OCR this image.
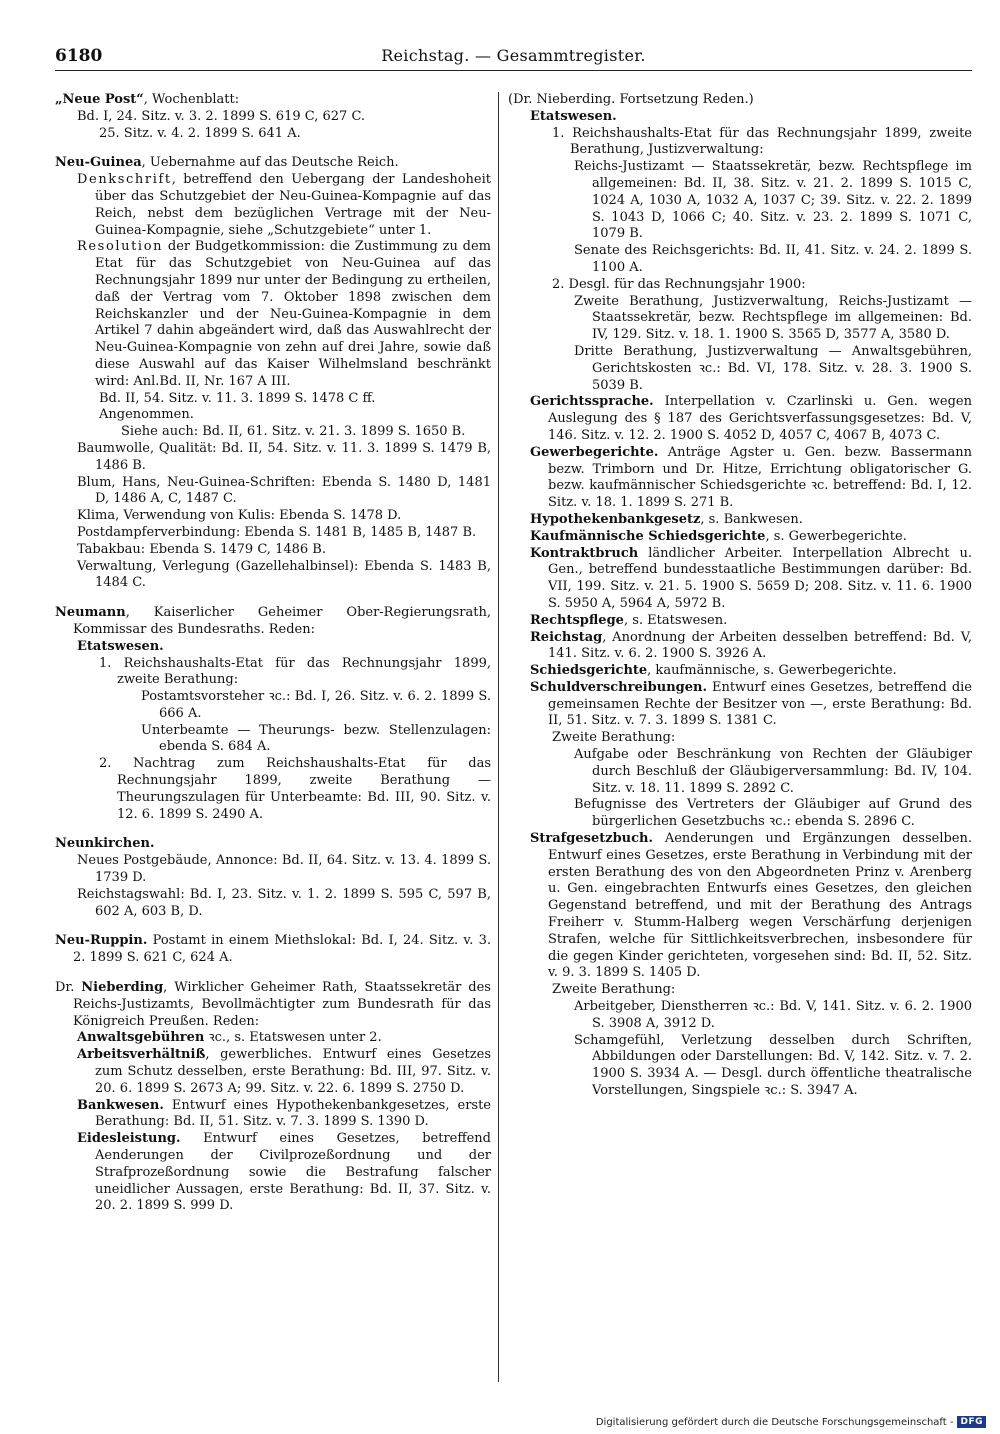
6180	Reichstag. — Gesammtregister.

„Neue Post“, Wochenblatt:

Bd. I, 24. Sitz. v. 3. 2. 1899 S. 619 C, 627 C.

25. Sitz. v. 4. 2. 1899 S. 641 A.

Neu-Guinea, Uebernahme auf das Deutsche Reich.

Denkschrift, betreffend den Uebergang der Landeshoheit über das Schutzgebiet der Neu-Guinea-Kompagnie auf das Reich, nebst dem bezüglichen Vertrage mit der Neu-Guinea-Kompagnie, siehe „Schutzgebiete“ unter 1.

Resolution der Budgetkommission: die Zustimmung zu dem Etat für das Schutzgebiet von Neu-Guinea auf das Rechnungsjahr 1899 nur unter der Bedingung zu ertheilen, daß der Vertrag vom 7. Oktober 1898 zwischen dem Reichskanzler und der Neu-Guinea-Kompagnie in dem Artikel 7 dahin abgeändert wird, daß das Auswahlrecht der Neu-Guinea-Kompagnie von zehn auf drei Jahre, sowie daß diese Auswahl auf das Kaiser Wilhelmsland beschränkt wird: Anl.Bd. II, Nr. 167 A III.

Bd. II, 54. Sitz. v. 11. 3. 1899 S. 1478 C ff.

Angenommen.

Siehe auch: Bd. II, 61. Sitz. v. 21. 3. 1899 S. 1650 B.

Baumwolle, Qualität: Bd. II, 54. Sitz. v. 11. 3. 1899 S. 1479 B, 1486 B.

Blum, Hans, Neu-Guinea-Schriften: Ebenda S. 1480 D, 1481 D, 1486 A, C, 1487 C.

Klima, Verwendung von Kulis: Ebenda S. 1478 D.

Postdampferverbindung: Ebenda S. 1481 B, 1485 B, 1487 B.

Tabakbau: Ebenda S. 1479 C, 1486 B.

Verwaltung, Verlegung (Gazellehalbinsel): Ebenda S. 1483 B, 1484 C.

Neumann, Kaiserlicher Geheimer Ober-Regierungsrath, Kommissar des Bundesraths. Reden:

Etatswesen.

1. Reichshaushalts-Etat für das Rechnungsjahr 1899, zweite Berathung:

Postamtsvorsteher ꝛc.: Bd. I, 26. Sitz. v. 6. 2. 1899 S. 666 A.

Unterbeamte — Theurungs- bezw. Stellenzulagen: ebenda S. 684 A.

2. Nachtrag zum Reichshaushalts-Etat für das Rechnungsjahr 1899, zweite Berathung — Theurungszulagen für Unterbeamte: Bd. III, 90. Sitz. v. 12. 6. 1899 S. 2490 A.

Neunkirchen.

Neues Postgebäude, Annonce: Bd. II, 64. Sitz. v. 13. 4. 1899 S. 1739 D.

Reichstagswahl: Bd. I, 23. Sitz. v. 1. 2. 1899 S. 595 C, 597 B, 602 A, 603 B, D.

Neu-Ruppin. Postamt in einem Miethslokal: Bd. I, 24. Sitz. v. 3. 2. 1899 S. 621 C, 624 A.

Dr. Nieberding, Wirklicher Geheimer Rath, Staatssekretär des Reichs-Justizamts, Bevollmächtigter zum Bundesrath für das Königreich Preußen. Reden:

Anwaltsgebühren ꝛc., s. Etatswesen unter 2.

Arbeitsverhältniß, gewerbliches. Entwurf eines Gesetzes zum Schutz desselben, erste Berathung: Bd. III, 97. Sitz. v. 20. 6. 1899 S. 2673 A; 99. Sitz. v. 22. 6. 1899 S. 2750 D.

Bankwesen. Entwurf eines Hypothekenbankgesetzes, erste Berathung: Bd. II, 51. Sitz. v. 7. 3. 1899 S. 1390 D.

Eidesleistung. Entwurf eines Gesetzes, betreffend Aenderungen der Civilprozeßordnung und der Strafprozeßordnung sowie die Bestrafung falscher uneidlicher Aussagen, erste Berathung: Bd. II, 37. Sitz. v. 20. 2. 1899 S. 999 D.

(Dr. Nieberding. Fortsetzung Reden.)

Etatswesen.

1. Reichshaushalts-Etat für das Rechnungsjahr 1899, zweite Berathung, Justizverwaltung:

Reichs-Justizamt — Staatssekretär, bezw. Rechtspflege im allgemeinen: Bd. II, 38. Sitz. v. 21. 2. 1899 S. 1015 C, 1024 A, 1030 A, 1032 A, 1037 C; 39. Sitz. v. 22. 2. 1899 S. 1043 D, 1066 C; 40. Sitz. v. 23. 2. 1899 S. 1071 C, 1079 B.

Senate des Reichsgerichts: Bd. II, 41. Sitz. v. 24. 2. 1899 S. 1100 A.

2. Desgl. für das Rechnungsjahr 1900:

Zweite Berathung, Justizverwaltung, Reichs-Justizamt — Staatssekretär, bezw. Rechtspflege im allgemeinen: Bd. IV, 129. Sitz. v. 18. 1. 1900 S. 3565 D, 3577 A, 3580 D.

Dritte Berathung, Justizverwaltung — Anwaltsgebühren, Gerichtskosten ꝛc.: Bd. VI, 178. Sitz. v. 28. 3. 1900 S. 5039 B.

Gerichtssprache. Interpellation v. Czarlinski u. Gen. wegen Auslegung des § 187 des Gerichtsverfassungsgesetzes: Bd. V, 146. Sitz. v. 12. 2. 1900 S. 4052 D, 4057 C, 4067 B, 4073 C.

Gewerbegerichte. Anträge Agster u. Gen. bezw. Bassermann bezw. Trimborn und Dr. Hitze, Errichtung obligatorischer G. bezw. kaufmännischer Schiedsgerichte ꝛc. betreffend: Bd. I, 12. Sitz. v. 18. 1. 1899 S. 271 B.

Hypothekenbankgesetz, s. Bankwesen.

Kaufmännische Schiedsgerichte, s. Gewerbegerichte.

Kontraktbruch ländlicher Arbeiter. Interpellation Albrecht u. Gen., betreffend bundesstaatliche Bestimmungen darüber: Bd. VII, 199. Sitz. v. 21. 5. 1900 S. 5659 D; 208. Sitz. v. 11. 6. 1900 S. 5950 A, 5964 A, 5972 B.

Rechtspflege, s. Etatswesen.

Reichstag, Anordnung der Arbeiten desselben betreffend: Bd. V, 141. Sitz. v. 6. 2. 1900 S. 3926 A.

Schiedsgerichte, kaufmännische, s. Gewerbegerichte.

Schuldverschreibungen. Entwurf eines Gesetzes, betreffend die gemeinsamen Rechte der Besitzer von —, erste Berathung: Bd. II, 51. Sitz. v. 7. 3. 1899 S. 1381 C.

Zweite Berathung:

Aufgabe oder Beschränkung von Rechten der Gläubiger durch Beschluß der Gläubigerversammlung: Bd. IV, 104. Sitz. v. 18. 11. 1899 S. 2892 C.

Befugnisse des Vertreters der Gläubiger auf Grund des bürgerlichen Gesetzbuchs ꝛc.: ebenda S. 2896 C.

Strafgesetzbuch. Aenderungen und Ergänzungen desselben. Entwurf eines Gesetzes, erste Berathung in Verbindung mit der ersten Berathung des von den Abgeordneten Prinz v. Arenberg u. Gen. eingebrachten Entwurfs eines Gesetzes, den gleichen Gegenstand betreffend, und mit der Berathung des Antrags Freiherr v. Stumm-Halberg wegen Verschärfung derjenigen Strafen, welche für Sittlichkeitsverbrechen, insbesondere für die gegen Kinder gerichteten, vorgesehen sind: Bd. II, 52. Sitz. v. 9. 3. 1899 S. 1405 D.

Zweite Berathung:

Arbeitgeber, Dienstherren ꝛc.: Bd. V, 141. Sitz. v. 6. 2. 1900 S. 3908 A, 3912 D.

Schamgefühl, Verletzung desselben durch Schriften, Abbildungen oder Darstellungen: Bd. V, 142. Sitz. v. 7. 2. 1900 S. 3934 A. — Desgl. durch öffentliche theatralische Vorstellungen, Singspiele ꝛc.: S. 3947 A.

Digitalisierung gefördert durch die Deutsche Forschungsgemeinschaft - DFG
